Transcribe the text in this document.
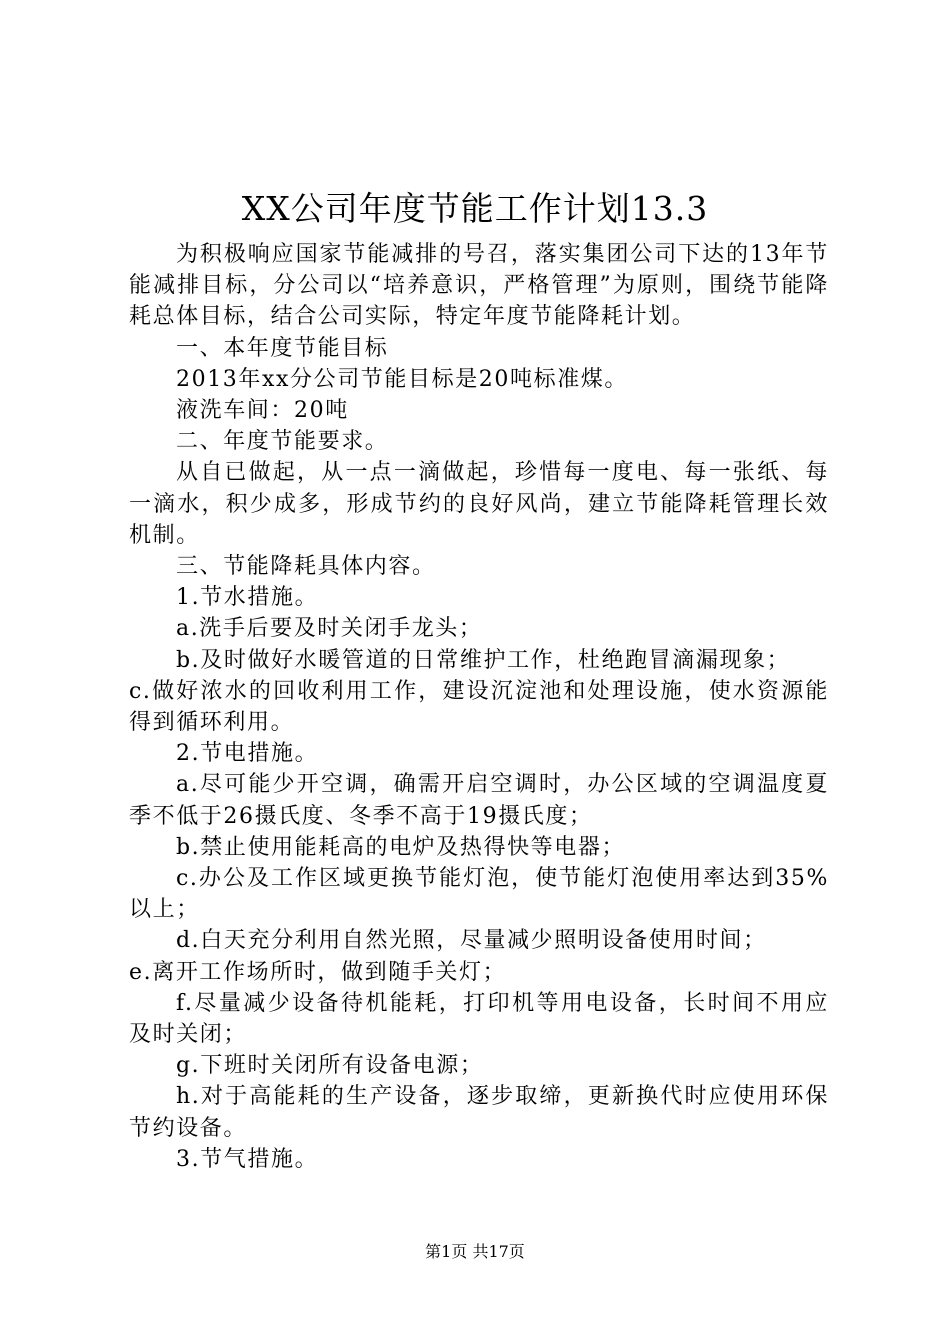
XX公司年度节能工作计划13.3

为积极响应国家节能减排的号召，落实集团公司下达的13年节能减排目标，分公司以“培养意识，严格管理”为原则，围绕节能降耗总体目标，结合公司实际，特定年度节能降耗计划。

一、本年度节能目标

2013年xx分公司节能目标是20吨标准煤。

液洗车间：20吨

二、年度节能要求。

从自已做起，从一点一滴做起，珍惜每一度电、每一张纸、每一滴水，积少成多，形成节约的良好风尚，建立节能降耗管理长效机制。

三、节能降耗具体内容。

1.节水措施。

a.洗手后要及时关闭手龙头；

b.及时做好水暖管道的日常维护工作，杜绝跑冒滴漏现象；

c.做好浓水的回收利用工作，建设沉淀池和处理设施，使水资源能得到循环利用。

2.节电措施。

a.尽可能少开空调，确需开启空调时，办公区域的空调温度夏季不低于26摄氏度、冬季不高于19摄氏度；

b.禁止使用能耗高的电炉及热得快等电器；

c.办公及工作区域更换节能灯泡，使节能灯泡使用率达到35%以上；

d.白天充分利用自然光照，尽量减少照明设备使用时间；

e.离开工作场所时，做到随手关灯；

f.尽量减少设备待机能耗，打印机等用电设备，长时间不用应及时关闭；

g.下班时关闭所有设备电源；

h.对于高能耗的生产设备，逐步取缔，更新换代时应使用环保节约设备。

3.节气措施。

第1页 共17页
